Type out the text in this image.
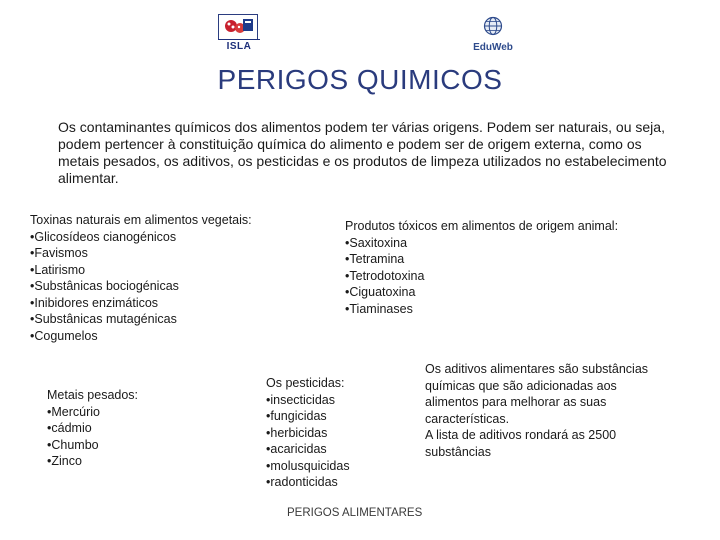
ISLA	EduWeb
PERIGOS QUIMICOS
Os contaminantes químicos dos alimentos podem ter várias origens. Podem ser naturais, ou seja, podem pertencer à constituição química do alimento e podem ser de origem externa, como os metais pesados, os aditivos, os pesticidas e os produtos de limpeza utilizados no estabelecimento alimentar.
Toxinas naturais em alimentos vegetais:
•Glicosídeos cianogénicos
•Favismos
•Latirismo
•Substânicas bociogénicas
•Inibidores enzimáticos
•Substânicas mutagénicas
•Cogumelos
Produtos tóxicos em alimentos de origem animal:
•Saxitoxina
•Tetramina
•Tetrodotoxina
•Ciguatoxina
•Tiaminases
Metais pesados:
•Mercúrio
•cádmio
•Chumbo
•Zinco
Os pesticidas:
•insecticidas
•fungicidas
•herbicidas
•acaricidas
•molusquicidas
•radonticidas
Os aditivos alimentares são substâncias
químicas que são adicionadas aos
alimentos para melhorar as suas
características.
A lista de aditivos rondará as 2500
substâncias
PERIGOS ALIMENTARES
